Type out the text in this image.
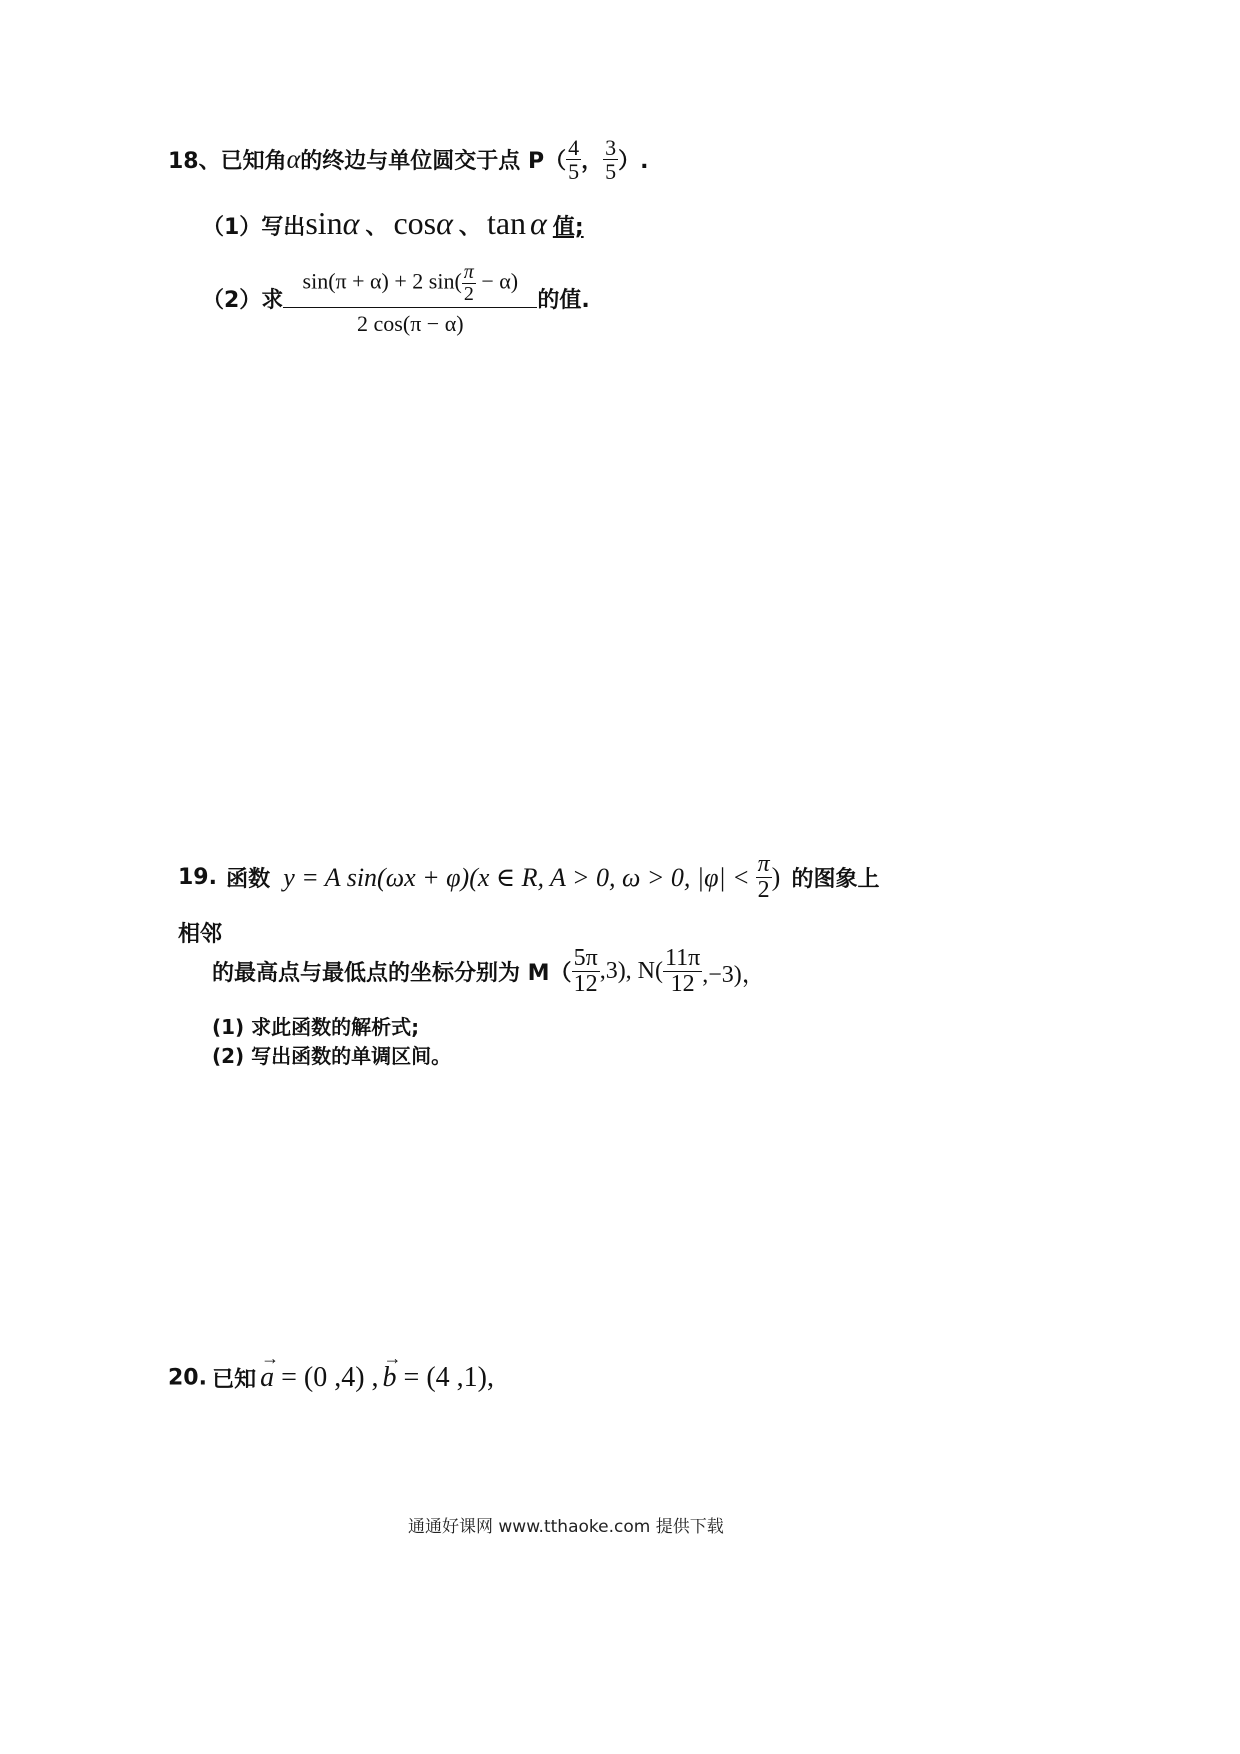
18、已知角α的终边与单位圆交于点 $P( \frac{4}{5}$ ， $\frac{3}{5}$ ）.
（1）写出sinα 、 cosα 、 tan α 值;
（2）求 $\frac{\sin(\pi + \alpha) + 2 \sin( \frac{\pi}{2} - \alpha)}{2 \cos(\pi - \alpha)}$ 的值.
19. 函数 y = A sin(ωx + φ)(x ∈ R, A > 0, ω > 0, $|\varphi| < \frac{\pi}{2}$ ) 的图象上
相邻
的最高点与最低点的坐标分别为 $M( \frac{5\pi}{12} ,3)$, $N( \frac{11\pi}{12} ,-3)$，
(1) 求此函数的解析式;
(2) 写出函数的单调区间。
20. 已知
→
a = (0 ,4) ,
→
b = (4 ,1),
通通好课网 www.tthaoke.com 提供下载
